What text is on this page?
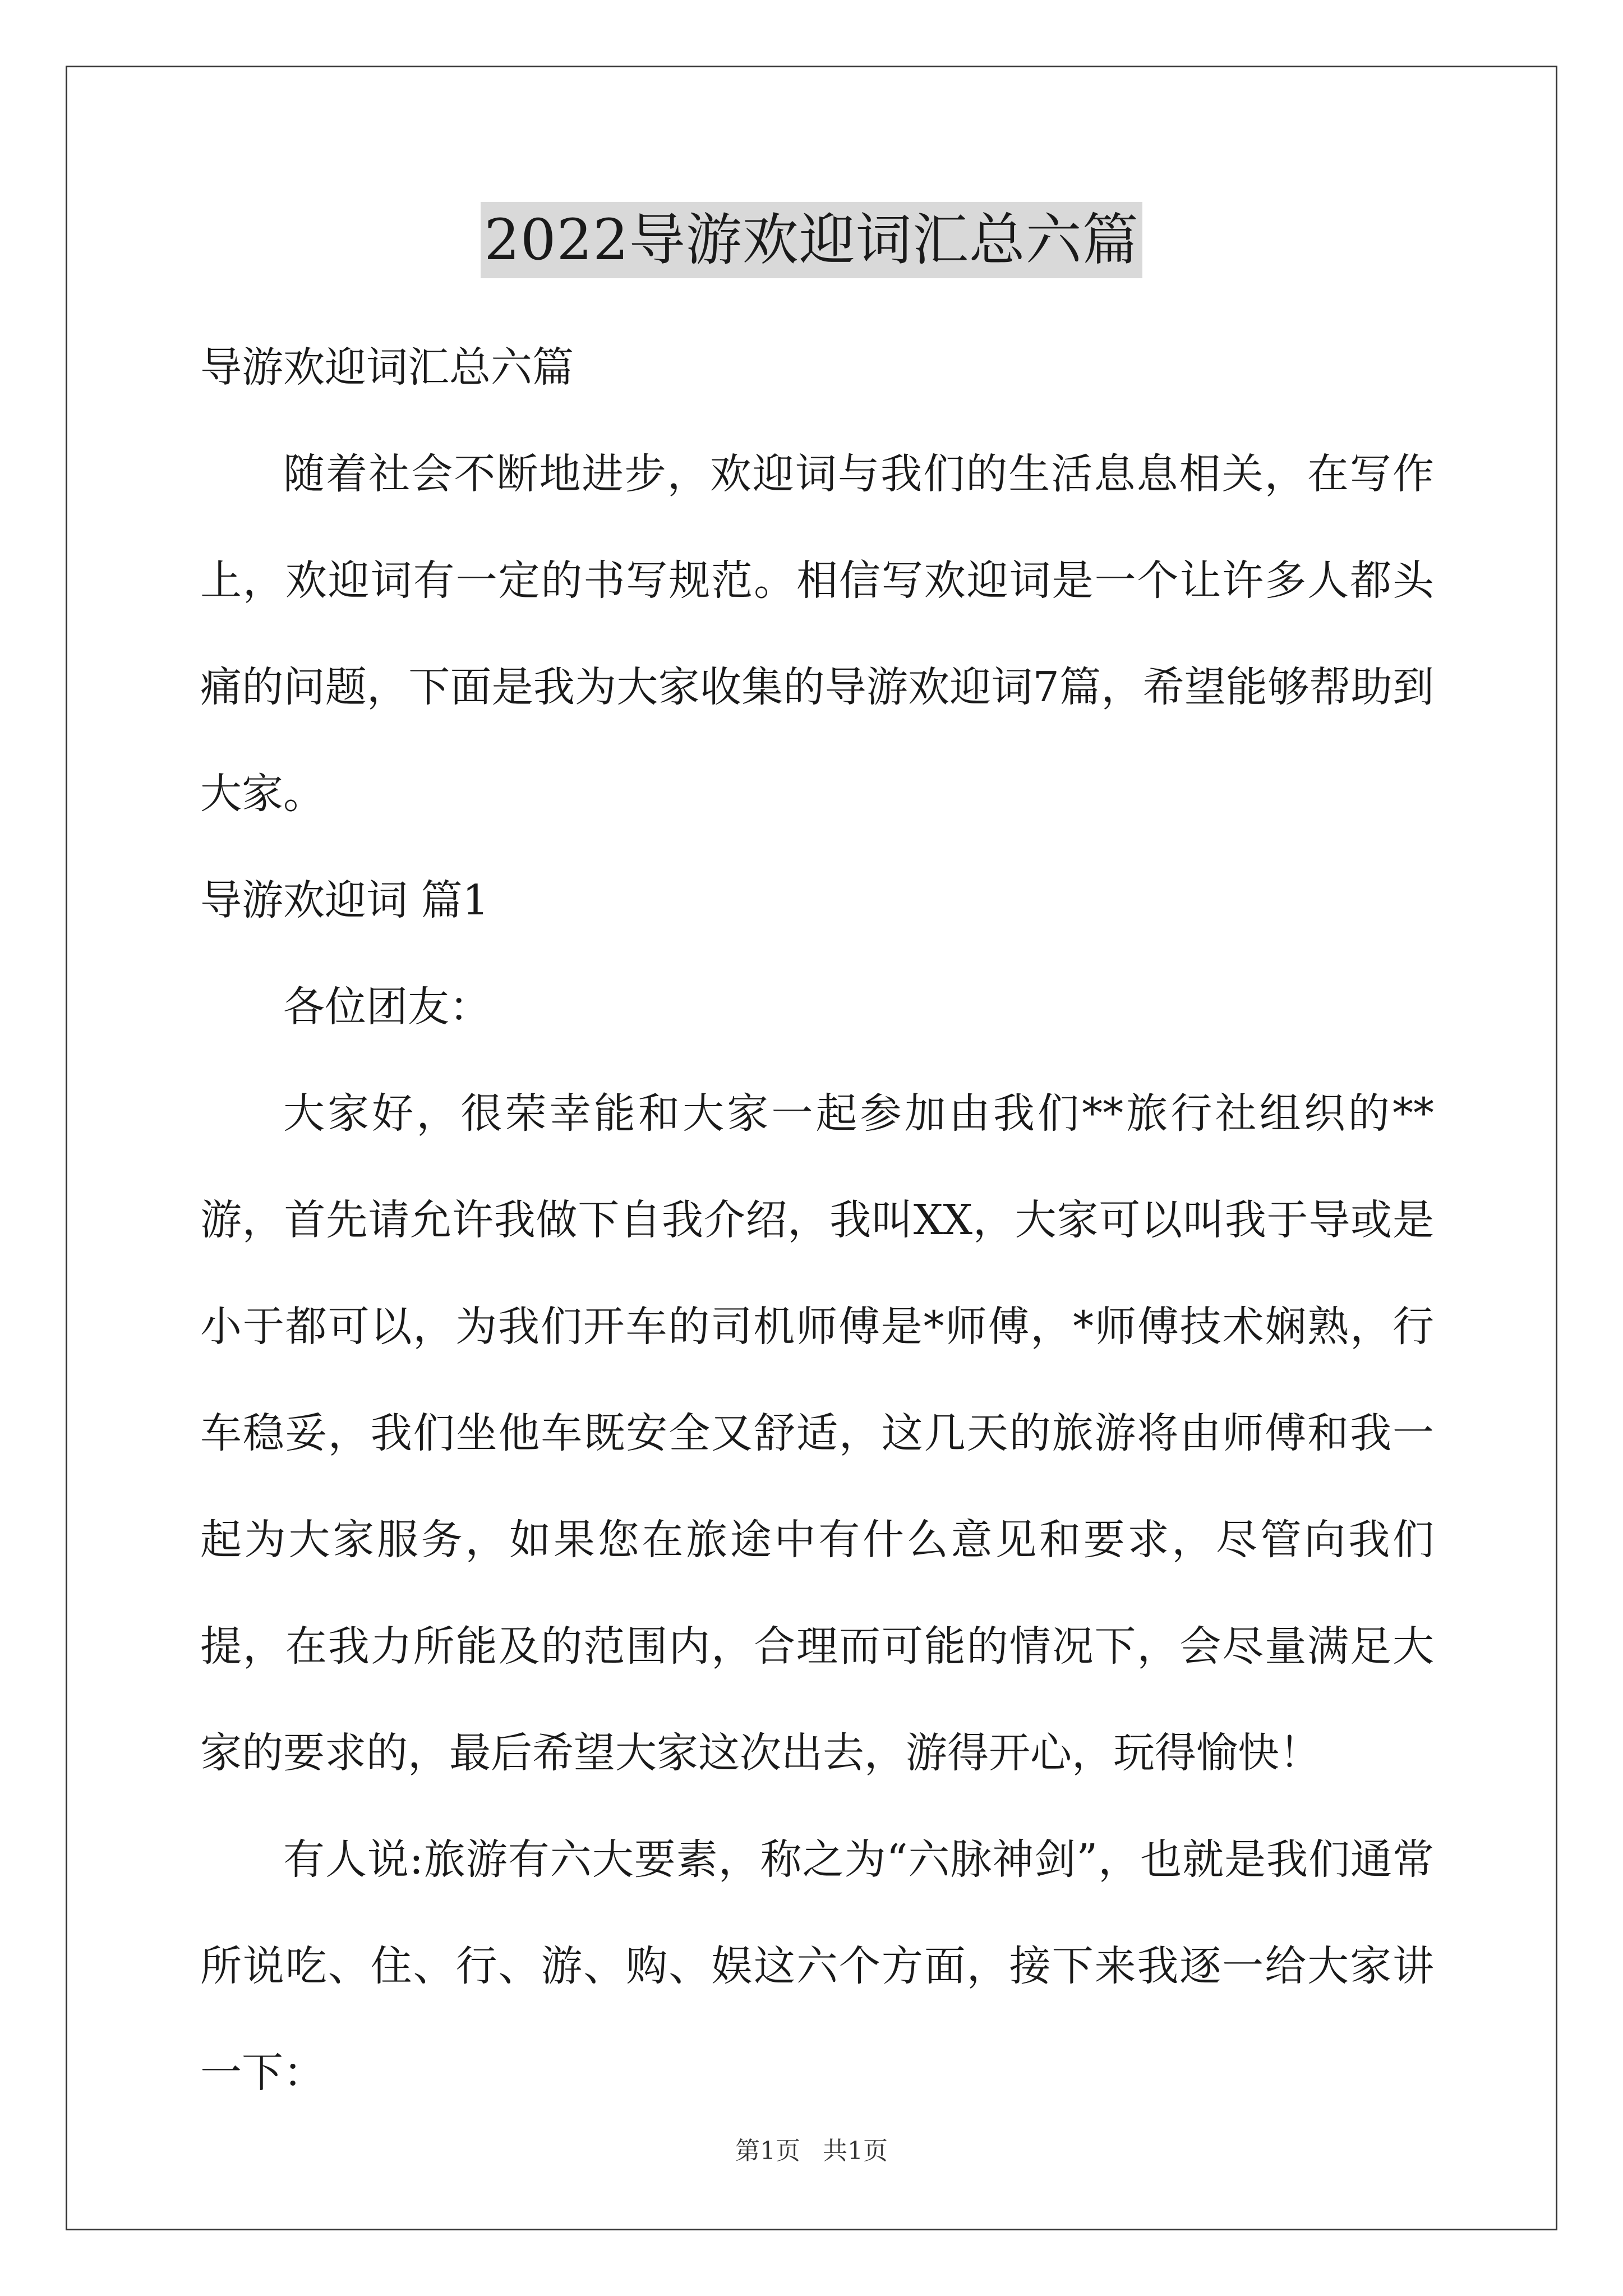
2022导游欢迎词汇总六篇

导游欢迎词汇总六篇

随着社会不断地进步，欢迎词与我们的生活息息相关，在写作上，欢迎词有一定的书写规范。相信写欢迎词是一个让许多人都头痛的问题，下面是我为大家收集的导游欢迎词7篇，希望能够帮助到大家。

导游欢迎词 篇1

各位团友：

大家好，很荣幸能和大家一起参加由我们**旅行社组织的**游，首先请允许我做下自我介绍，我叫XX，大家可以叫我于导或是小于都可以，为我们开车的司机师傅是*师傅，*师傅技术娴熟，行车稳妥，我们坐他车既安全又舒适，这几天的旅游将由师傅和我一起为大家服务，如果您在旅途中有什么意见和要求，尽管向我们提，在我力所能及的范围内，合理而可能的情况下，会尽量满足大家的要求的，最后希望大家这次出去，游得开心，玩得愉快！

有人说:旅游有六大要素，称之为“六脉神剑”，也就是我们通常所说吃、住、行、游、购、娱这六个方面，接下来我逐一给大家讲一下：

第1页 共1页
